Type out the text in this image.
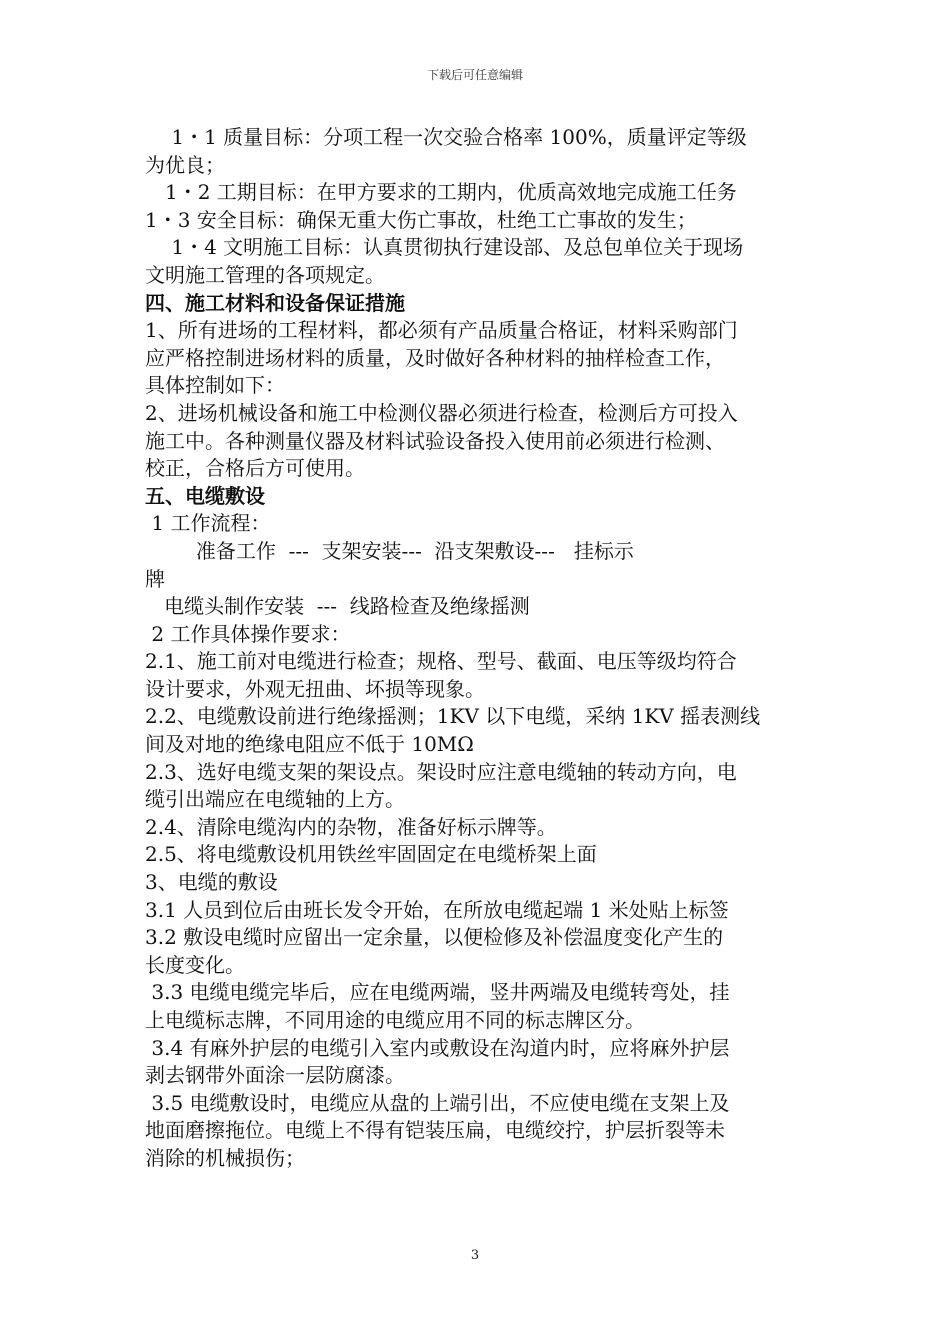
下载后可任意编辑

　 1・1 质量目标：分项工程一次交验合格率 100%，质量评定等级

为优良；

　1・2 工期目标：在甲方要求的工期内，优质高效地完成施工任务

1・3 安全目标：确保无重大伤亡事故，杜绝工亡事故的发生；

　 1・4 文明施工目标：认真贯彻执行建设部、及总包单位关于现场

文明施工管理的各项规定。

四、施工材料和设备保证措施

1、所有进场的工程材料，都必须有产品质量合格证，材料采购部门

应严格控制进场材料的质量，及时做好各种材料的抽样检查工作，

具体控制如下：

2、进场机械设备和施工中检测仪器必须进行检查，检测后方可投入

施工中。各种测量仪器及材料试验设备投入使用前必须进行检测、

校正，合格后方可使用。

五、电缆敷设

1 工作流程：

准备工作  ---  支架安装---  沿支架敷设---   挂标示

牌

电缆头制作安装  ---  线路检查及绝缘摇测

2 工作具体操作要求：

2.1、施工前对电缆进行检查；规格、型号、截面、电压等级均符合

设计要求，外观无扭曲、坏损等现象。

2.2、电缆敷设前进行绝缘摇测；1KV 以下电缆，采纳 1KV 摇表测线

间及对地的绝缘电阻应不低于 10MΩ

2.3、选好电缆支架的架设点。架设时应注意电缆轴的转动方向，电

缆引出端应在电缆轴的上方。

2.4、清除电缆沟内的杂物，准备好标示牌等。

2.5、将电缆敷设机用铁丝牢固固定在电缆桥架上面

3、电缆的敷设

3.1 人员到位后由班长发令开始，在所放电缆起端 1 米处贴上标签

3.2 敷设电缆时应留出一定余量，以便检修及补偿温度变化产生的

长度变化。

3.3 电缆电缆完毕后，应在电缆两端，竖井两端及电缆转弯处，挂

上电缆标志牌，不同用途的电缆应用不同的标志牌区分。

3.4 有麻外护层的电缆引入室内或敷设在沟道内时，应将麻外护层

剥去钢带外面涂一层防腐漆。

3.5 电缆敷设时，电缆应从盘的上端引出，不应使电缆在支架上及

地面磨擦拖位。电缆上不得有铠装压扁，电缆绞拧，护层折裂等未

消除的机械损伤；

3
